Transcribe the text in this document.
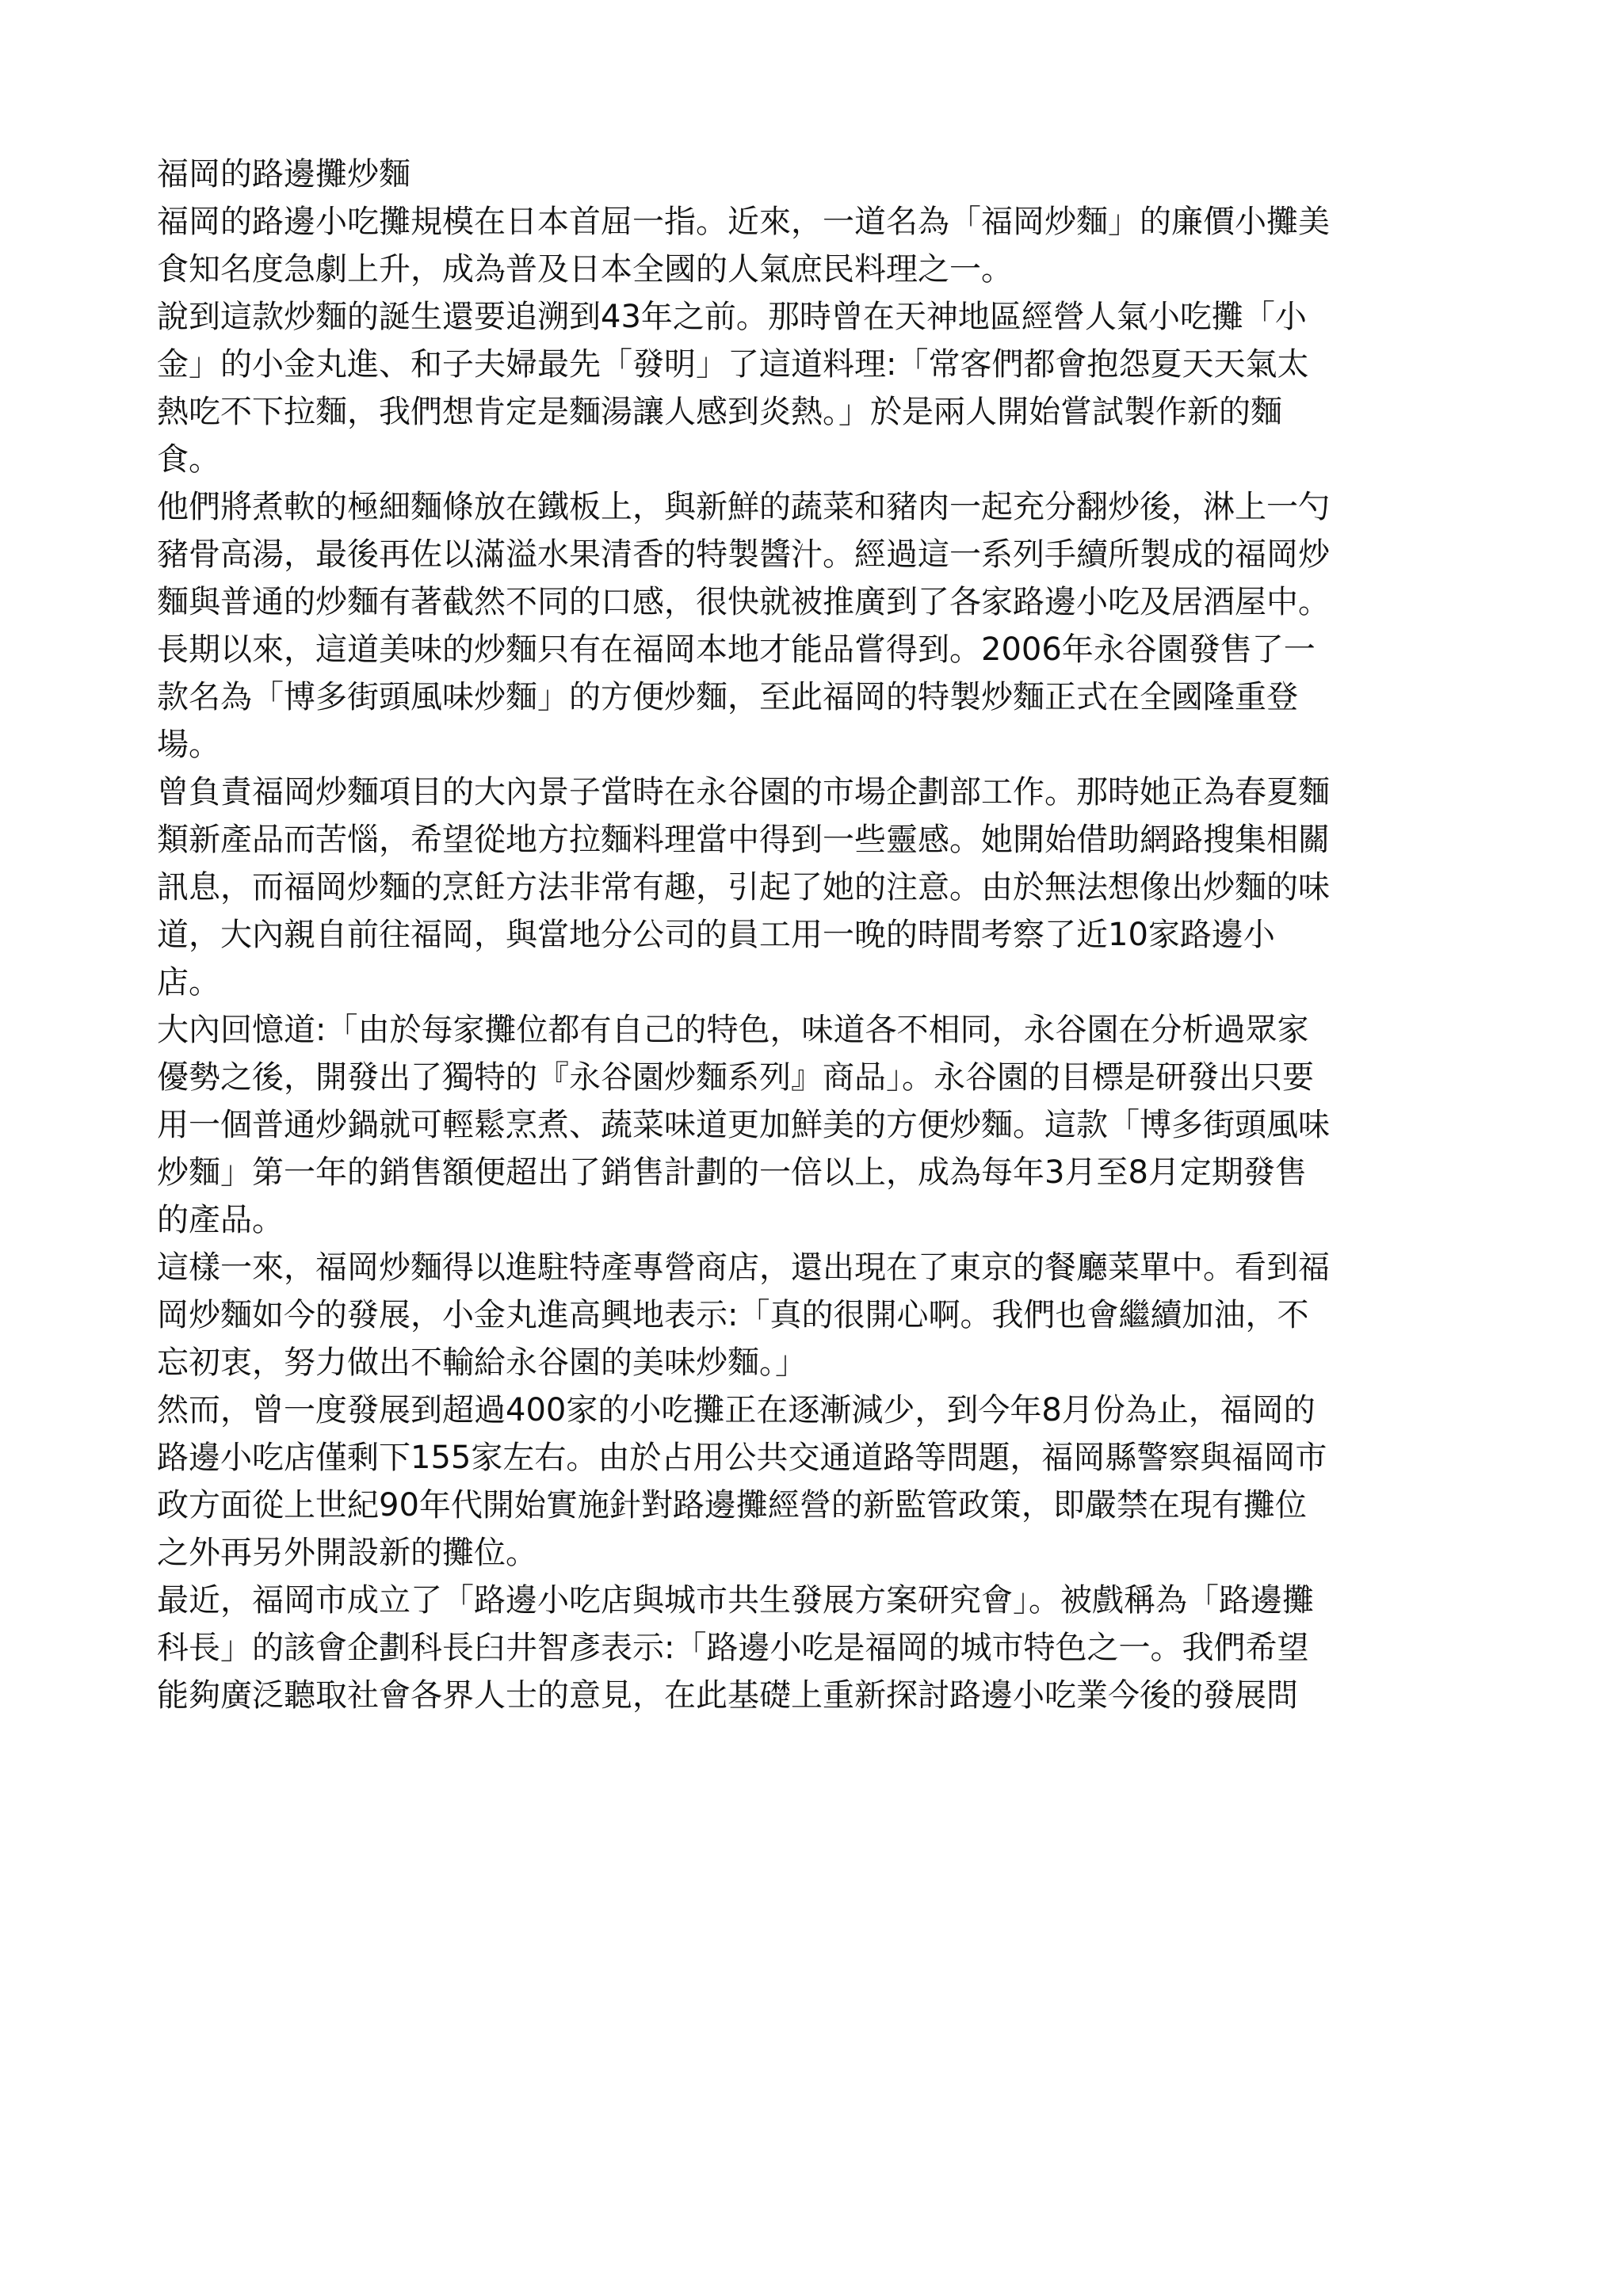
福岡的路邊攤炒麵
福岡的路邊小吃攤規模在日本首屈一指。近來，一道名為「福岡炒麵」的廉價小攤美
食知名度急劇上升，成為普及日本全國的人氣庶民料理之一。
說到這款炒麵的誕生還要追溯到43年之前。那時曾在天神地區經營人氣小吃攤「小
金」的小金丸進、和子夫婦最先「發明」了這道料理:「常客們都會抱怨夏天天氣太
熱吃不下拉麵，我們想肯定是麵湯讓人感到炎熱。」於是兩人開始嘗試製作新的麵
食。
他們將煮軟的極細麵條放在鐵板上，與新鮮的蔬菜和豬肉一起充分翻炒後，淋上一勺
豬骨高湯，最後再佐以滿溢水果清香的特製醬汁。經過這一系列手續所製成的福岡炒
麵與普通的炒麵有著截然不同的口感，很快就被推廣到了各家路邊小吃及居酒屋中。
長期以來，這道美味的炒麵只有在福岡本地才能品嘗得到。2006年永谷園發售了一
款名為「博多街頭風味炒麵」的方便炒麵，至此福岡的特製炒麵正式在全國隆重登
場。
曾負責福岡炒麵項目的大內景子當時在永谷園的市場企劃部工作。那時她正為春夏麵
類新產品而苦惱，希望從地方拉麵料理當中得到一些靈感。她開始借助網路搜集相關
訊息，而福岡炒麵的烹飪方法非常有趣，引起了她的注意。由於無法想像出炒麵的味
道，大內親自前往福岡，與當地分公司的員工用一晚的時間考察了近10家路邊小
店。
大內回憶道:「由於每家攤位都有自己的特色，味道各不相同，永谷園在分析過眾家
優勢之後，開發出了獨特的『永谷園炒麵系列』商品」。永谷園的目標是研發出只要
用一個普通炒鍋就可輕鬆烹煮、蔬菜味道更加鮮美的方便炒麵。這款「博多街頭風味
炒麵」第一年的銷售額便超出了銷售計劃的一倍以上，成為每年3月至8月定期發售
的產品。
這樣一來，福岡炒麵得以進駐特產專營商店，還出現在了東京的餐廳菜單中。看到福
岡炒麵如今的發展，小金丸進高興地表示:「真的很開心啊。我們也會繼續加油，不
忘初衷，努力做出不輸給永谷園的美味炒麵。」
然而，曾一度發展到超過400家的小吃攤正在逐漸減少，到今年8月份為止，福岡的
路邊小吃店僅剩下155家左右。由於占用公共交通道路等問題，福岡縣警察與福岡市
政方面從上世紀90年代開始實施針對路邊攤經營的新監管政策，即嚴禁在現有攤位
之外再另外開設新的攤位。
最近，福岡市成立了「路邊小吃店與城市共生發展方案研究會」。被戲稱為「路邊攤
科長」的該會企劃科長臼井智彥表示:「路邊小吃是福岡的城市特色之一。我們希望
能夠廣泛聽取社會各界人士的意見，在此基礎上重新探討路邊小吃業今後的發展問
